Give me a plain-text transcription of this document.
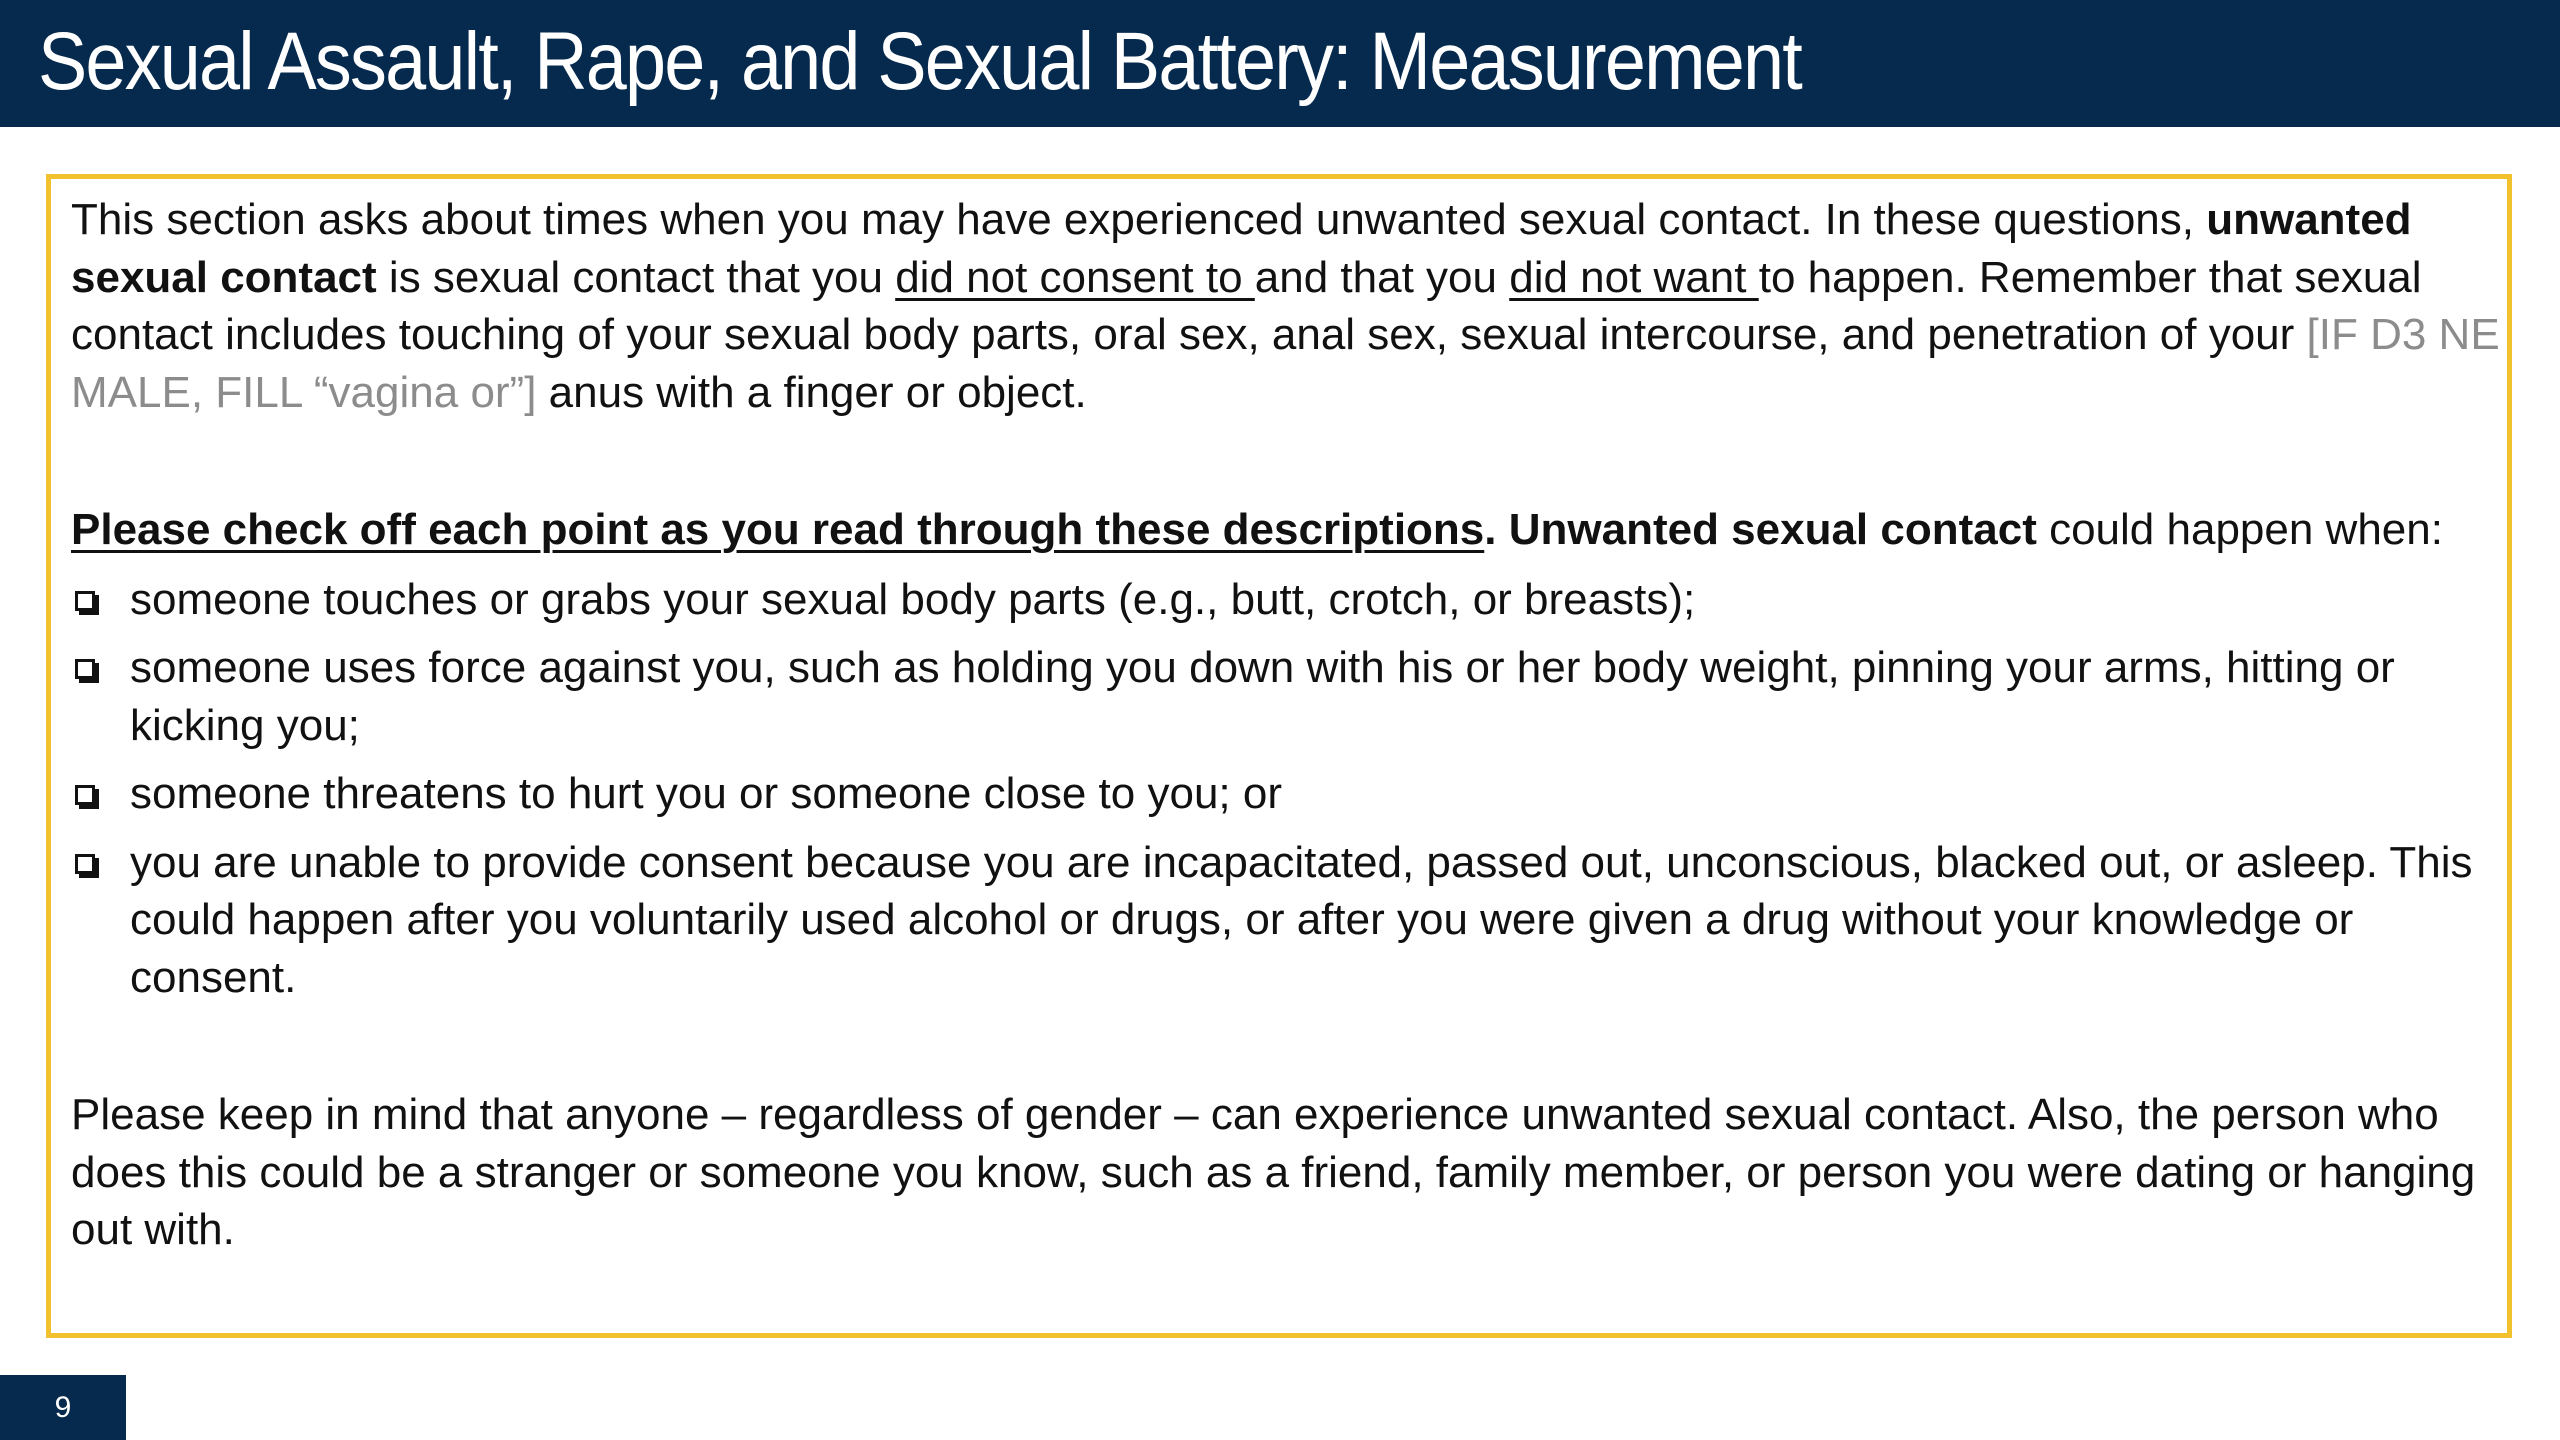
Sexual Assault, Rape, and Sexual Battery: Measurement

This section asks about times when you may have experienced unwanted sexual contact. In these questions, unwanted sexual contact is sexual contact that you did not consent to and that you did not want to happen. Remember that sexual contact includes touching of your sexual body parts, oral sex, anal sex, sexual intercourse, and penetration of your [IF D3 NE MALE, FILL “vagina or”] anus with a finger or object.

Please check off each point as you read through these descriptions. Unwanted sexual contact could happen when:

someone touches or grabs your sexual body parts (e.g., butt, crotch, or breasts);
someone uses force against you, such as holding you down with his or her body weight, pinning your arms, hitting or kicking you;
someone threatens to hurt you or someone close to you; or
you are unable to provide consent because you are incapacitated, passed out, unconscious, blacked out, or asleep. This could happen after you voluntarily used alcohol or drugs, or after you were given a drug without your knowledge or consent.

Please keep in mind that anyone – regardless of gender – can experience unwanted sexual contact. Also, the person who does this could be a stranger or someone you know, such as a friend, family member, or person you were dating or hanging out with.

9
